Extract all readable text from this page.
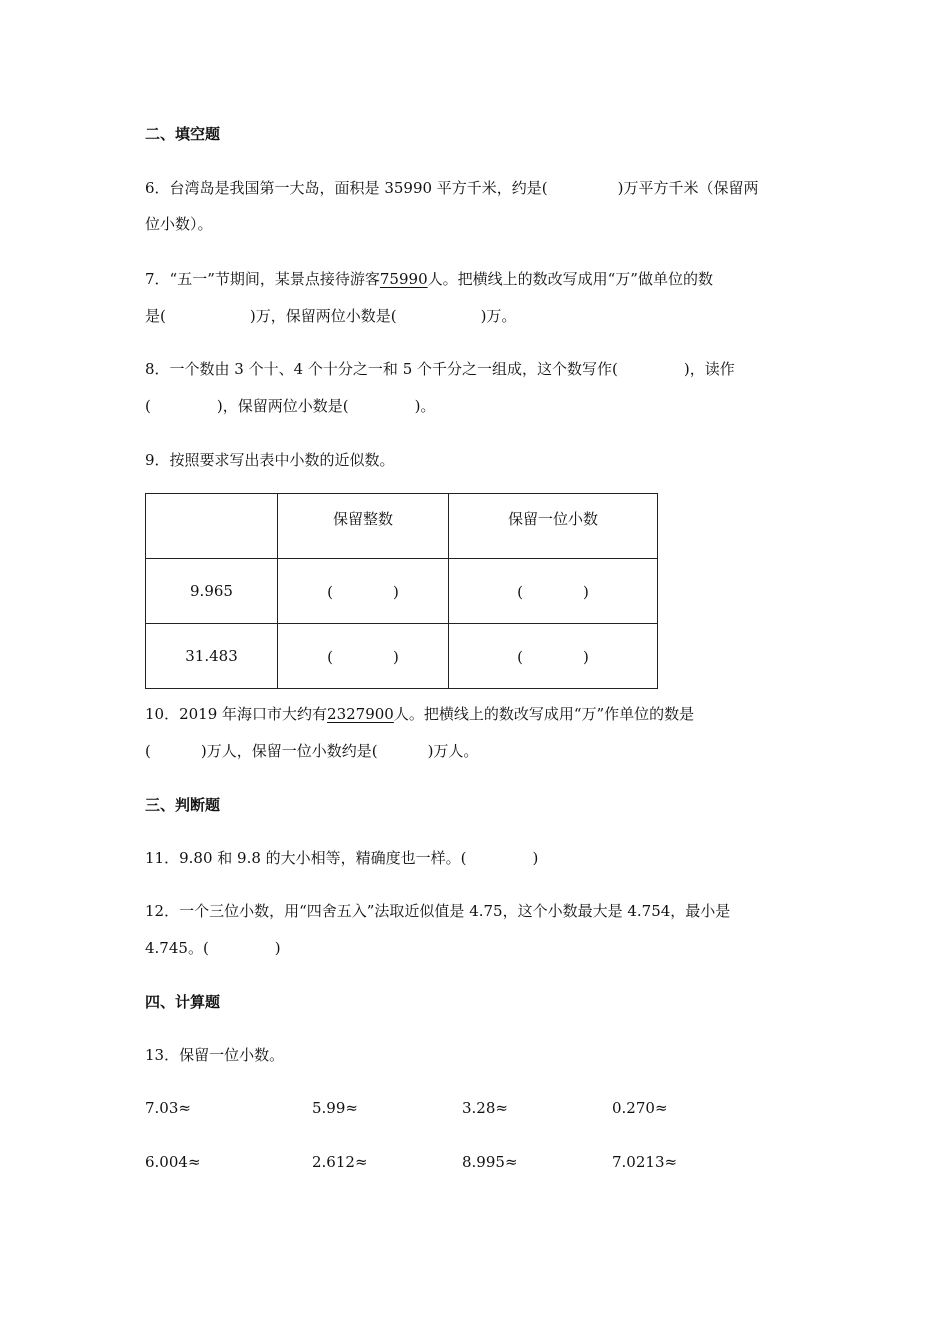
二、填空题
6．台湾岛是我国第一大岛，面积是 35990 平方千米，约是(	)万平方千米（保留两
位小数）。
7．“五一”节期间，某景点接待游客75990人。把横线上的数改写成用“万”做单位的数
是(	)万，保留两位小数是(	)万。
8．一个数由 3 个十、4 个十分之一和 5 个千分之一组成，这个数写作(	)，读作
(	)，保留两位小数是(	)。
9．按照要求写出表中小数的近似数。
	保留整数	保留一位小数
9.965	(　　　　)	(　　　　)
31.483	(　　　　)	(　　　　)
10．2019 年海口市大约有2327900人。把横线上的数改写成用“万”作单位的数是
(	)万人，保留一位小数约是(	)万人。
三、判断题
11．9.80 和 9.8 的大小相等，精确度也一样。(	)
12．一个三位小数，用“四舍五入”法取近似值是 4.75，这个小数最大是 4.754，最小是
4.745。(	)
四、计算题
13．保留一位小数。
7.03≈	5.99≈	3.28≈	0.270≈
6.004≈	2.612≈	8.995≈	7.0213≈
